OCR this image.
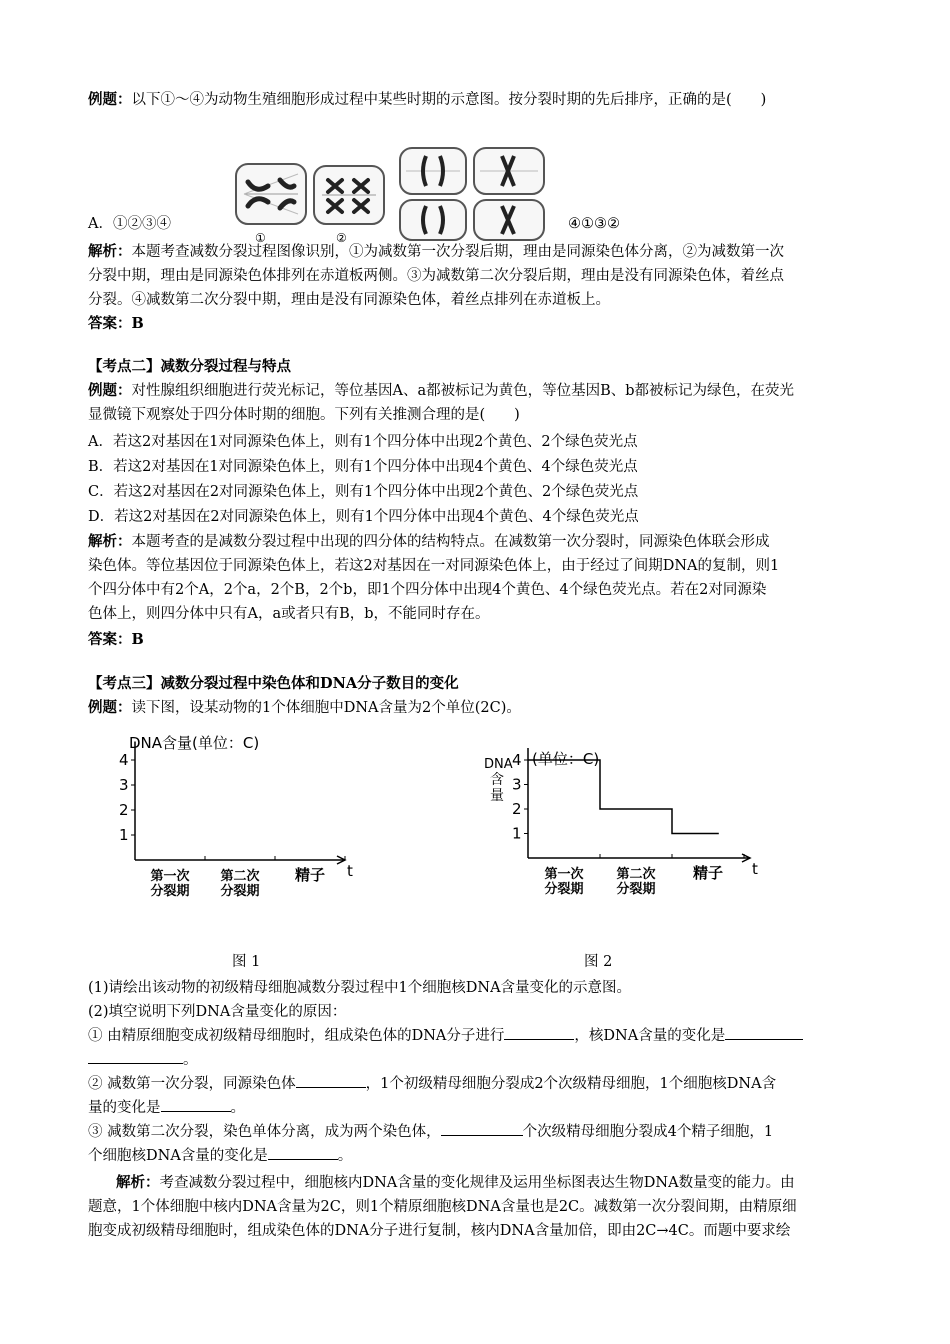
例题：以下①～④为动物生殖细胞形成过程中某些时期的示意图。按分裂时期的先后排序，正确的是(　　)
①	②
A．①②③④	④①③②
解析：本题考查减数分裂过程图像识别，①为减数第一次分裂后期，理由是同源染色体分离，②为减数第一次
分裂中期，理由是同源染色体排列在赤道板两侧。③为减数第二次分裂后期，理由是没有同源染色体，着丝点
分裂。④减数第二次分裂中期，理由是没有同源染色体，着丝点排列在赤道板上。
答案：B
【考点二】减数分裂过程与特点
例题：对性腺组织细胞进行荧光标记，等位基因A、a都被标记为黄色，等位基因B、b都被标记为绿色，在荧光
显微镜下观察处于四分体时期的细胞。下列有关推测合理的是(　　)
A．若这2对基因在1对同源染色体上，则有1个四分体中出现2个黄色、2个绿色荧光点
B．若这2对基因在1对同源染色体上，则有1个四分体中出现4个黄色、4个绿色荧光点
C．若这2对基因在2对同源染色体上，则有1个四分体中出现2个黄色、2个绿色荧光点
D．若这2对基因在2对同源染色体上，则有1个四分体中出现4个黄色、4个绿色荧光点
解析：本题考查的是减数分裂过程中出现的四分体的结构特点。在减数第一次分裂时，同源染色体联会形成
染色体。等位基因位于同源染色体上，若这2对基因在一对同源染色体上，由于经过了间期DNA的复制，则1
个四分体中有2个A，2个a，2个B，2个b，即1个四分体中出现4个黄色、4个绿色荧光点。若在2对同源染
色体上，则四分体中只有A，a或者只有B，b，不能同时存在。
答案：B
【考点三】减数分裂过程中染色体和DNA分子数目的变化
例题：读下图，设某动物的1个体细胞中DNA含量为2个单位(2C)。
t
1
2
3
4
第一次
分裂期
第二次
分裂期
精子
DNA含量(单位：C)
t
1
2
3
4
第一次
分裂期
第二次
分裂期
精子
DNA
含
量
(单位：C)
图 1	图 2
(1)请绘出该动物的初级精母细胞减数分裂过程中1个细胞核DNA含量变化的示意图。
(2)填空说明下列DNA含量变化的原因：
① 由精原细胞变成初级精母细胞时，组成染色体的DNA分子进行	，核DNA含量的变化是
。
② 减数第一次分裂，同源染色体	，1个初级精母细胞分裂成2个次级精母细胞，1个细胞核DNA含
量的变化是	。
③ 减数第二次分裂，染色单体分离，成为两个染色体，	个次级精母细胞分裂成4个精子细胞，1
个细胞核DNA含量的变化是	。
解析：考查减数分裂过程中，细胞核内DNA含量的变化规律及运用坐标图表达生物DNA数量变的能力。由
题意，1个体细胞中核内DNA含量为2C，则1个精原细胞核DNA含量也是2C。减数第一次分裂间期，由精原细
胞变成初级精母细胞时，组成染色体的DNA分子进行复制，核内DNA含量加倍，即由2C→4C。而题中要求绘
